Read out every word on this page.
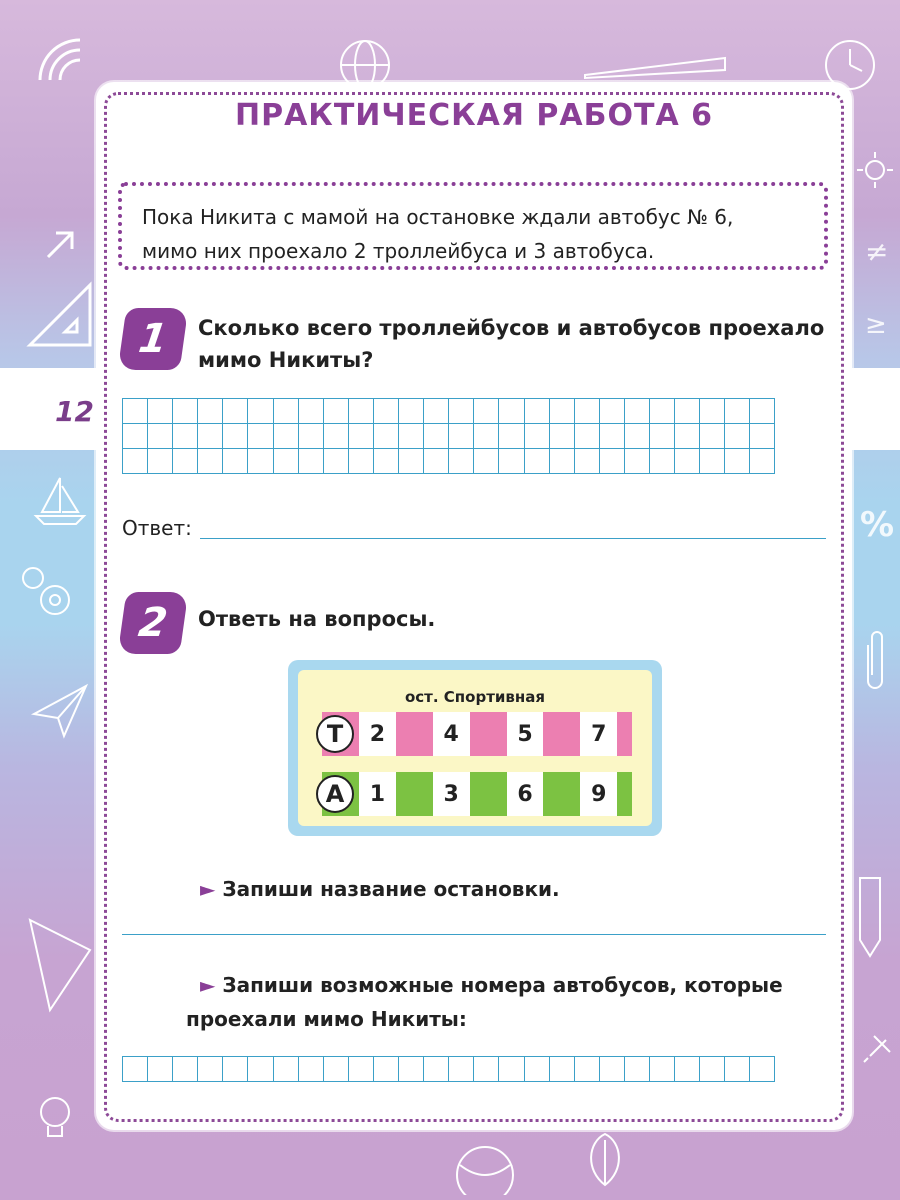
≠
≥
%
12
ПРАКТИЧЕСКАЯ РАБОТА 6
Пока Никита с мамой на остановке ждали автобус № 6,
мимо них проехало 2 троллейбуса и 3 автобуса.
1	Сколько всего троллейбусов и автобусов проехало
мимо Никиты?

Ответ:
2	Ответь на вопросы.
ост. Спортивная
Т	2	4	5	7
А	1	3	6	9
► Запиши название остановки.
► Запиши возможные номера автобусов, которые
проехали мимо Никиты:
